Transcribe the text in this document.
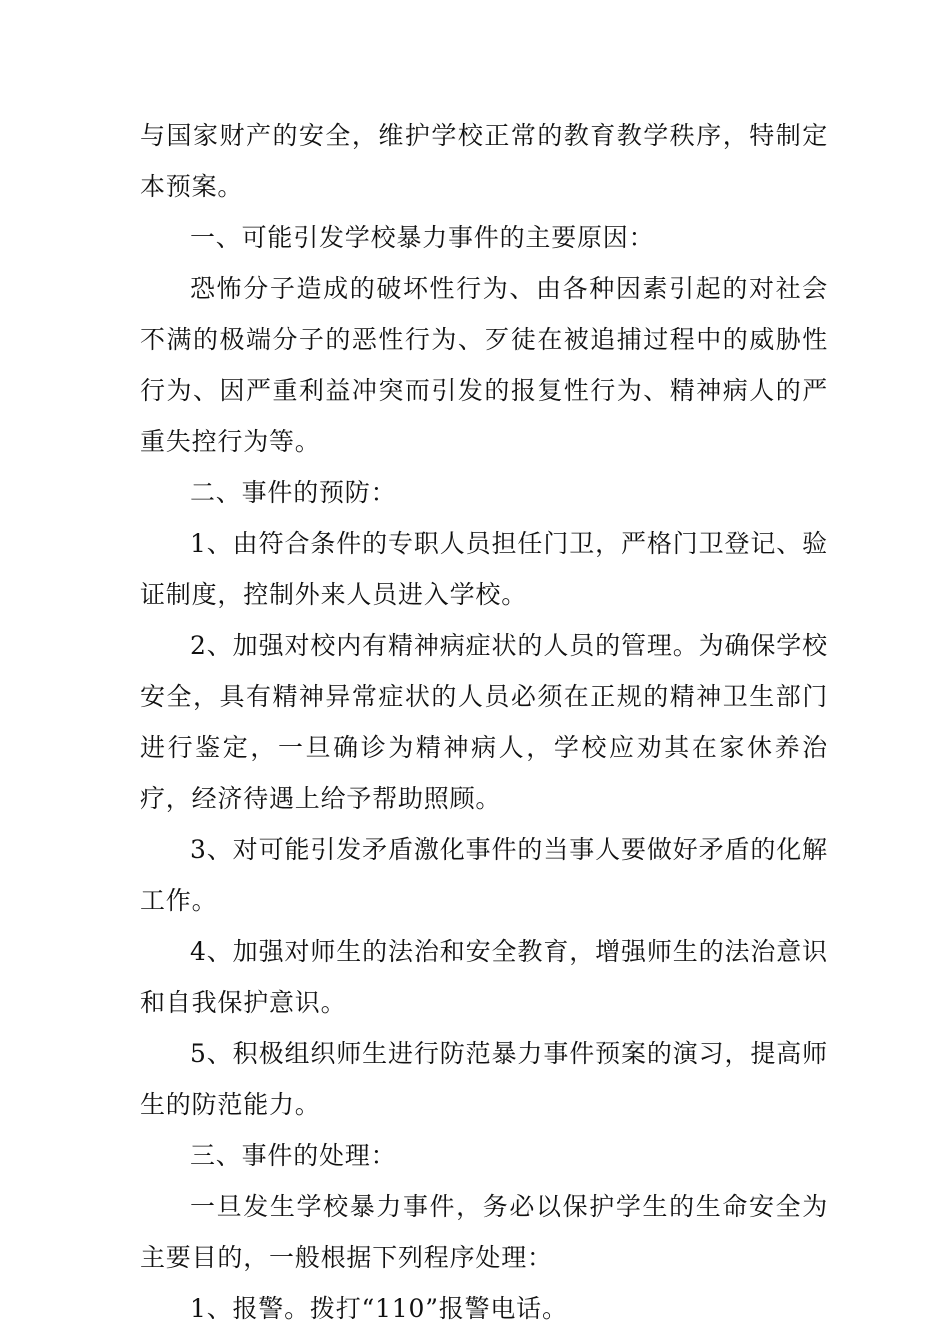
与国家财产的安全，维护学校正常的教育教学秩序，特制定本预案。

一、可能引发学校暴力事件的主要原因：

恐怖分子造成的破坏性行为、由各种因素引起的对社会不满的极端分子的恶性行为、歹徒在被追捕过程中的威胁性行为、因严重利益冲突而引发的报复性行为、精神病人的严重失控行为等。

二、事件的预防：

1、由符合条件的专职人员担任门卫，严格门卫登记、验证制度，控制外来人员进入学校。

2、加强对校内有精神病症状的人员的管理。为确保学校安全，具有精神异常症状的人员必须在正规的精神卫生部门进行鉴定，一旦确诊为精神病人，学校应劝其在家休养治疗，经济待遇上给予帮助照顾。

3、对可能引发矛盾激化事件的当事人要做好矛盾的化解工作。

4、加强对师生的法治和安全教育，增强师生的法治意识和自我保护意识。

5、积极组织师生进行防范暴力事件预案的演习，提高师生的防范能力。

三、事件的处理：

一旦发生学校暴力事件，务必以保护学生的生命安全为主要目的，一般根据下列程序处理：

1、报警。拨打“110”报警电话。
